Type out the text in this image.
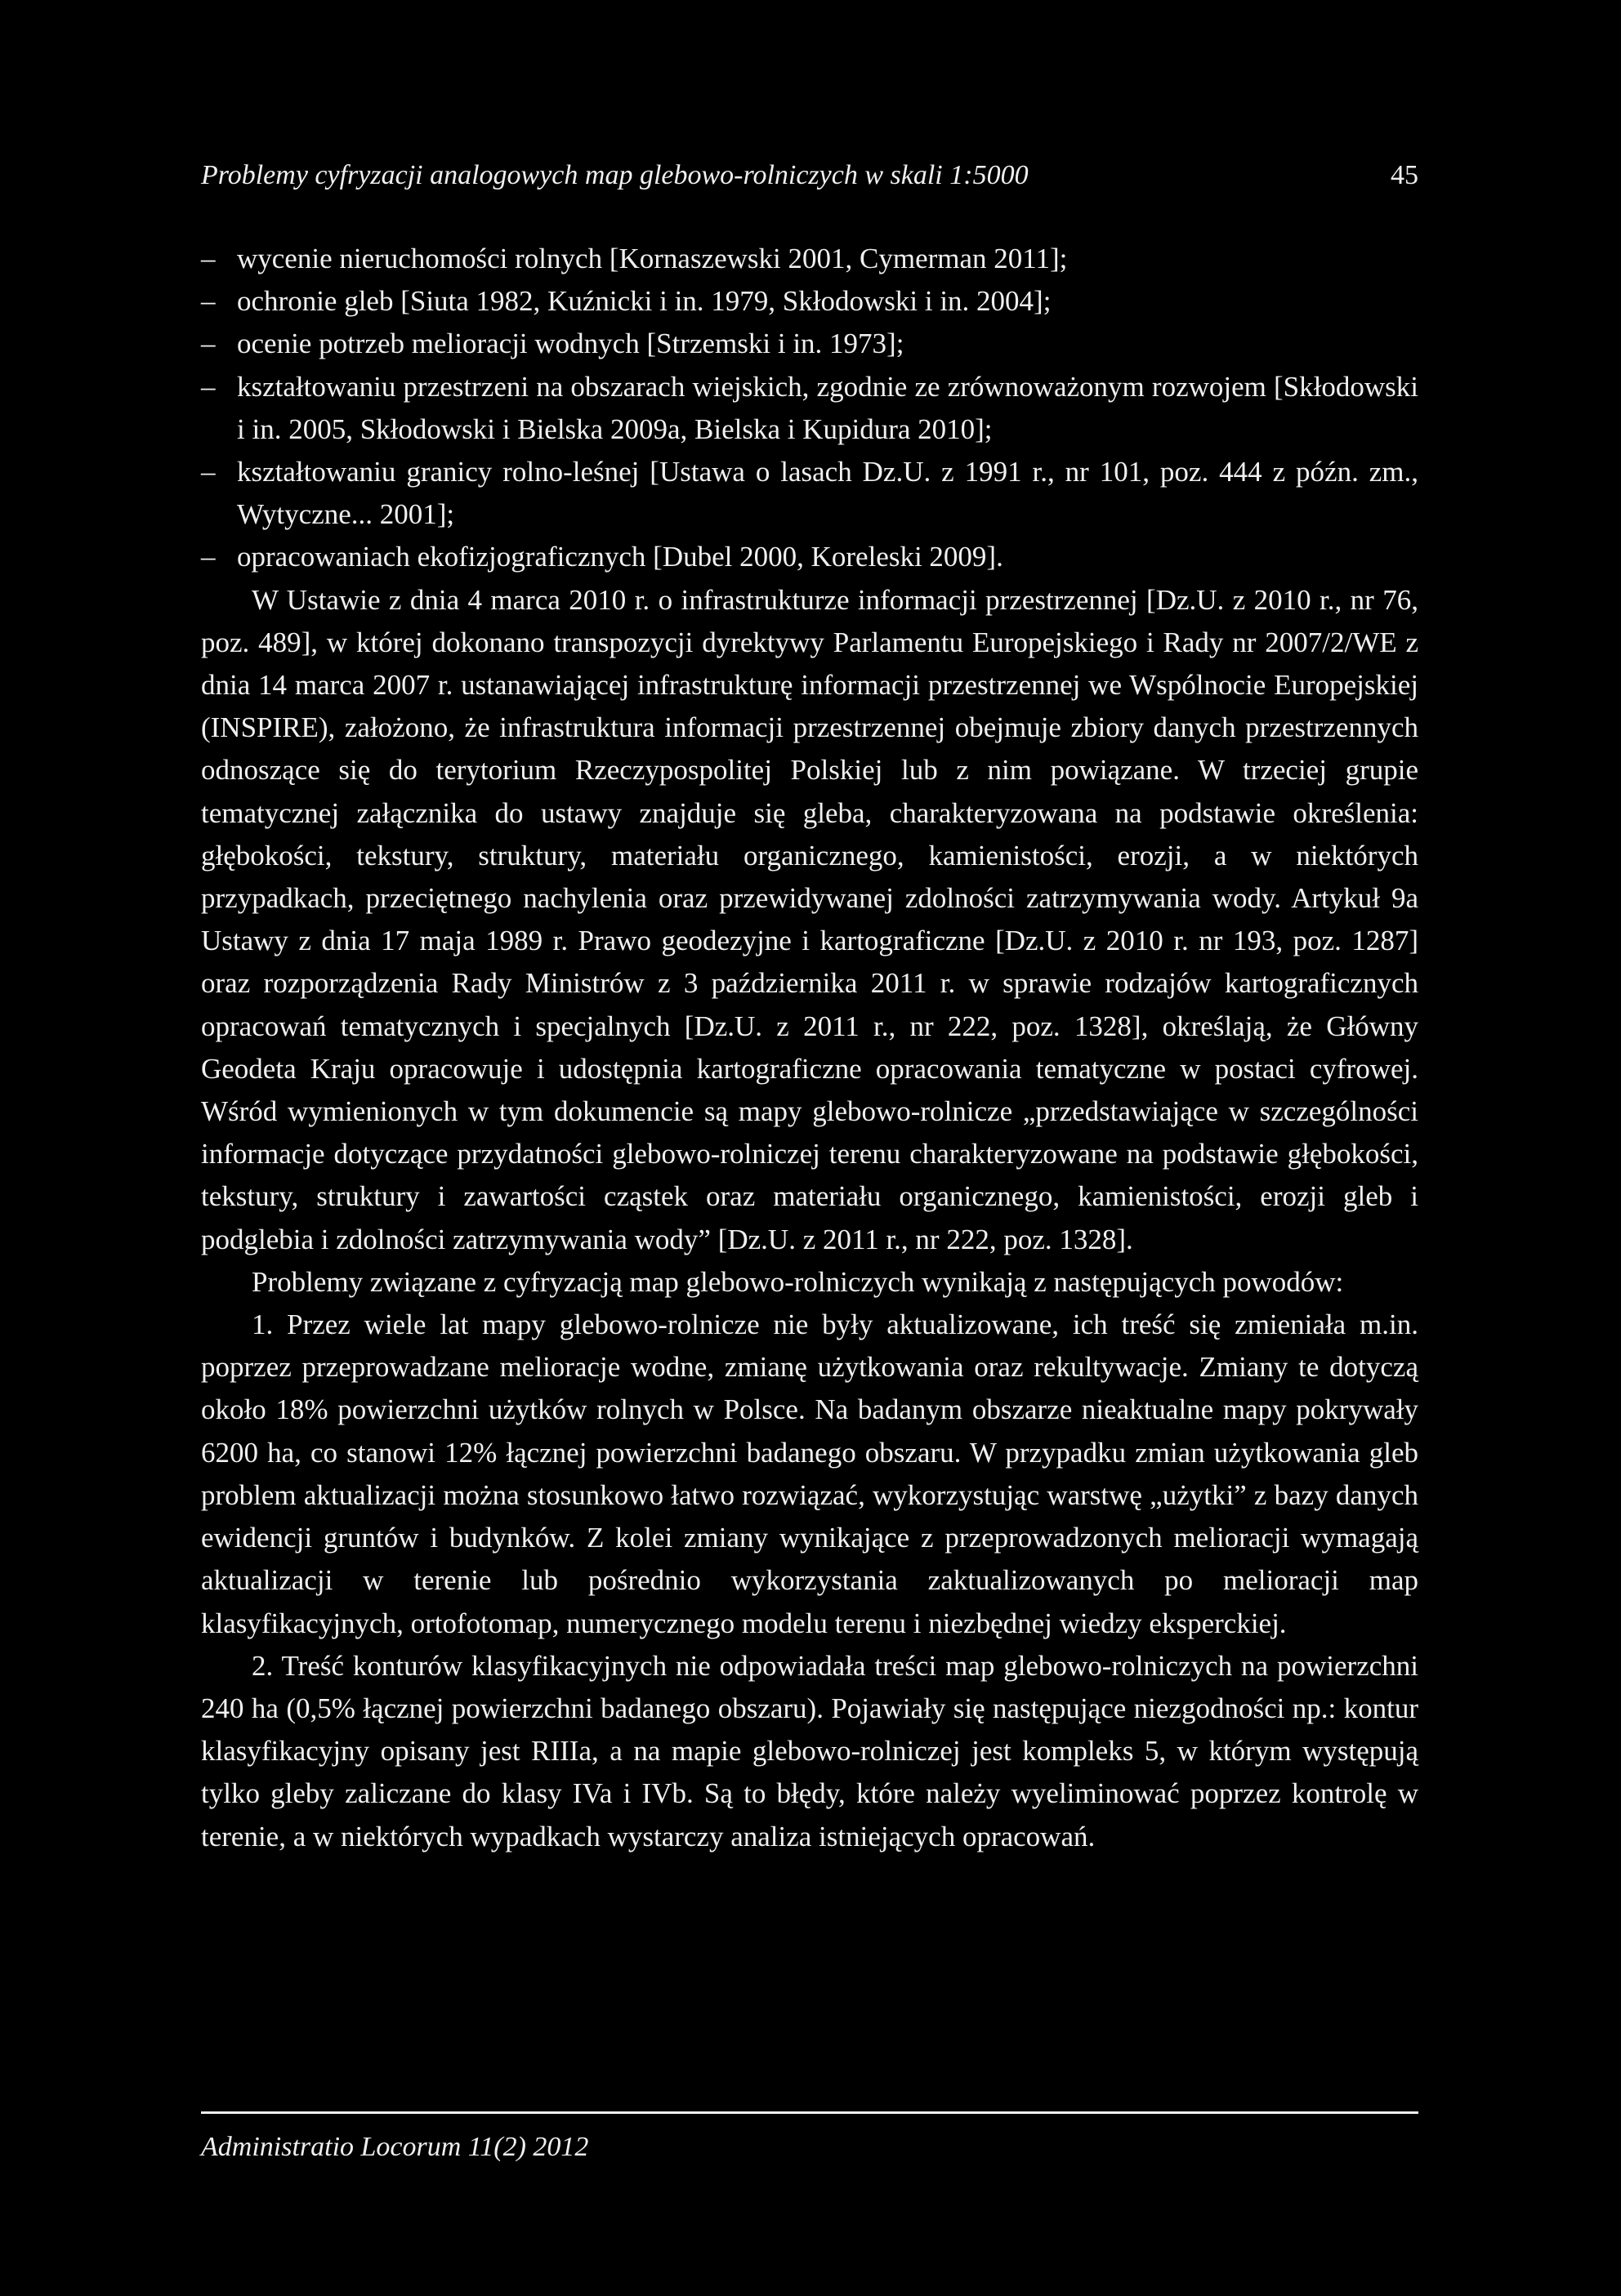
Problemy cyfryzacji analogowych map glebowo-rolniczych w skali 1:5000	45

– wycenie nieruchomości rolnych [Kornaszewski 2001, Cymerman 2011];

– ochronie gleb [Siuta 1982, Kuźnicki i in. 1979, Skłodowski i in. 2004];

– ocenie potrzeb melioracji wodnych [Strzemski i in. 1973];

– kształtowaniu przestrzeni na obszarach wiejskich, zgodnie ze zrównoważonym rozwojem [Skłodowski i in. 2005, Skłodowski i Bielska 2009a, Bielska i Kupidura 2010];

– kształtowaniu granicy rolno-leśnej [Ustawa o lasach Dz.U. z 1991 r., nr 101, poz. 444 z późn. zm., Wytyczne... 2001];

– opracowaniach ekofizjograficznych [Dubel 2000, Koreleski 2009].

W Ustawie z dnia 4 marca 2010 r. o infrastrukturze informacji przestrzennej [Dz.U. z 2010 r., nr 76, poz. 489], w której dokonano transpozycji dyrektywy Parlamentu Europejskiego i Rady nr 2007/2/WE z dnia 14 marca 2007 r. ustanawiającej infrastrukturę informacji przestrzennej we Wspólnocie Europejskiej (INSPIRE), założono, że infrastruktura informacji przestrzennej obejmuje zbiory danych przestrzennych odnoszące się do terytorium Rzeczypospolitej Polskiej lub z nim powiązane. W trzeciej grupie tematycznej załącznika do ustawy znajduje się gleba, charakteryzowana na podstawie określenia: głębokości, tekstury, struktury, materiału organicznego, kamienistości, erozji, a w niektórych przypadkach, przeciętnego nachylenia oraz przewidywanej zdolności zatrzymywania wody. Artykuł 9a Ustawy z dnia 17 maja 1989 r. Prawo geodezyjne i kartograficzne [Dz.U. z 2010 r. nr 193, poz. 1287] oraz rozporządzenia Rady Ministrów z 3 października 2011 r. w sprawie rodzajów kartograficznych opracowań tematycznych i specjalnych [Dz.U. z 2011 r., nr 222, poz. 1328], określają, że Główny Geodeta Kraju opracowuje i udostępnia kartograficzne opracowania tematyczne w postaci cyfrowej. Wśród wymienionych w tym dokumencie są mapy glebowo-rolnicze „przedstawiające w szczególności informacje dotyczące przydatności glebowo-rolniczej terenu charakteryzowane na podstawie głębokości, tekstury, struktury i zawartości cząstek oraz materiału organicznego, kamienistości, erozji gleb i podglebia i zdolności zatrzymywania wody” [Dz.U. z 2011 r., nr 222, poz. 1328].

Problemy związane z cyfryzacją map glebowo-rolniczych wynikają z następujących powodów:

1. Przez wiele lat mapy glebowo-rolnicze nie były aktualizowane, ich treść się zmieniała m.in. poprzez przeprowadzane melioracje wodne, zmianę użytkowania oraz rekultywacje. Zmiany te dotyczą około 18% powierzchni użytków rolnych w Polsce. Na badanym obszarze nieaktualne mapy pokrywały 6200 ha, co stanowi 12% łącznej powierzchni badanego obszaru. W przypadku zmian użytkowania gleb problem aktualizacji można stosunkowo łatwo rozwiązać, wykorzystując warstwę „użytki” z bazy danych ewidencji gruntów i budynków. Z kolei zmiany wynikające z przeprowadzonych melioracji wymagają aktualizacji w terenie lub pośrednio wykorzystania zaktualizowanych po melioracji map klasyfikacyjnych, ortofotomap, numerycznego modelu terenu i niezbędnej wiedzy eksperckiej.

2. Treść konturów klasyfikacyjnych nie odpowiadała treści map glebowo-rolniczych na powierzchni 240 ha (0,5% łącznej powierzchni badanego obszaru). Pojawiały się następujące niezgodności np.: kontur klasyfikacyjny opisany jest RIIIa, a na mapie glebowo-rolniczej jest kompleks 5, w którym występują tylko gleby zaliczane do klasy IVa i IVb. Są to błędy, które należy wyeliminować poprzez kontrolę w terenie, a w niektórych wypadkach wystarczy analiza istniejących opracowań.

Administratio Locorum 11(2) 2012
